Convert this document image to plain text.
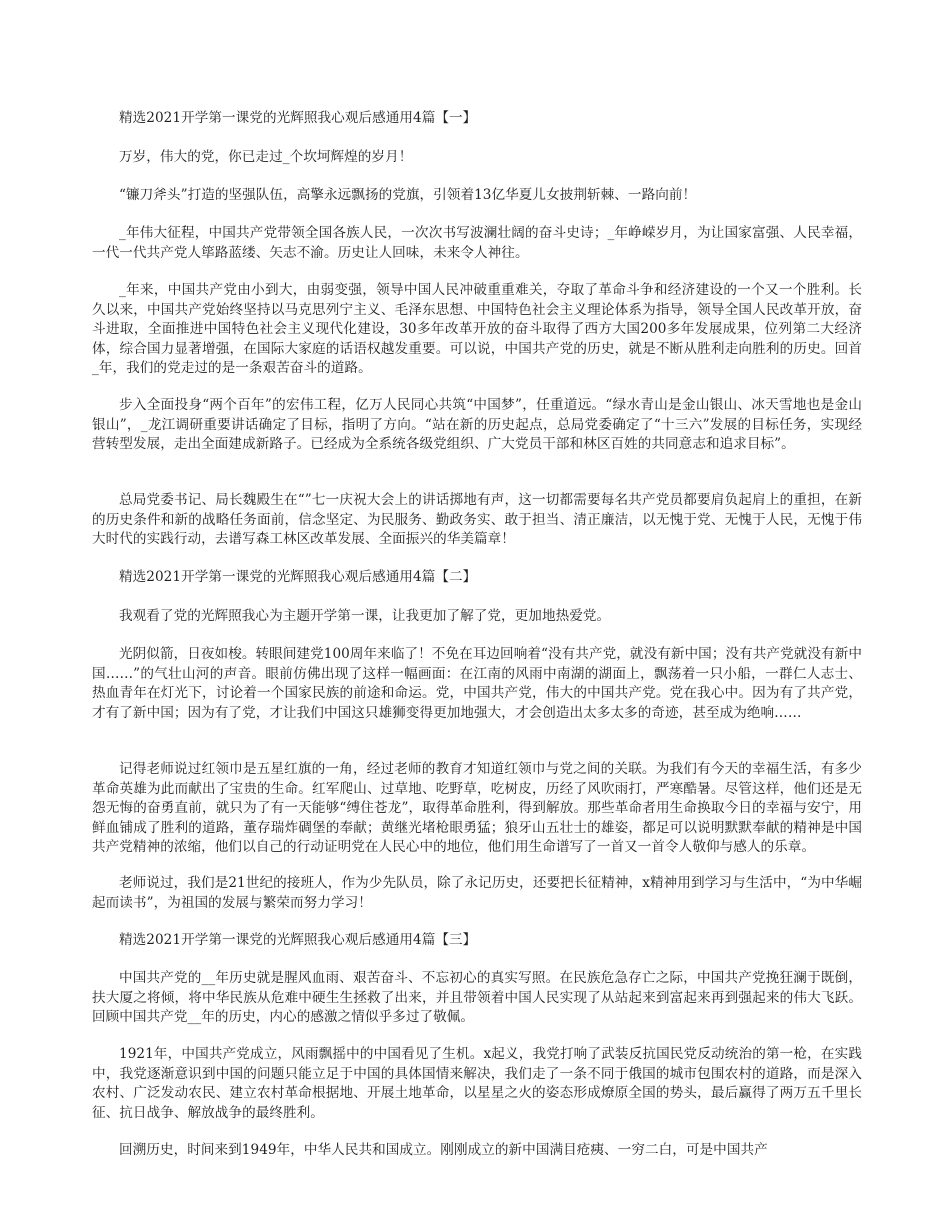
精选2021开学第一课党的光辉照我心观后感通用4篇【一】

万岁，伟大的党，你已走过_个坎坷辉煌的岁月！

“镰刀斧头”打造的坚强队伍，高擎永远飘扬的党旗，引领着13亿华夏儿女披荆斩棘、一路向前！

_年伟大征程，中国共产党带领全国各族人民，一次次书写波澜壮阔的奋斗史诗；_年峥嵘岁月，为让国家富强、人民幸福，一代一代共产党人筚路蓝缕、矢志不渝。历史让人回味，未来令人神往。

_年来，中国共产党由小到大，由弱变强，领导中国人民冲破重重难关，夺取了革命斗争和经济建设的一个又一个胜利。长久以来，中国共产党始终坚持以马克思列宁主义、毛泽东思想、中国特色社会主义理论体系为指导，领导全国人民改革开放，奋斗进取，全面推进中国特色社会主义现代化建设，30多年改革开放的奋斗取得了西方大国200多年发展成果，位列第二大经济体，综合国力显著增强，在国际大家庭的话语权越发重要。可以说，中国共产党的历史，就是不断从胜利走向胜利的历史。回首_年，我们的党走过的是一条艰苦奋斗的道路。

步入全面投身“两个百年”的宏伟工程，亿万人民同心共筑“中国梦”，任重道远。“绿水青山是金山银山、冰天雪地也是金山银山”，_龙江调研重要讲话确定了目标，指明了方向。“站在新的历史起点，总局党委确定了“十三六”发展的目标任务，实现经营转型发展，走出全面建成新路子。已经成为全系统各级党组织、广大党员干部和林区百姓的共同意志和追求目标”。

总局党委书记、局长魏殿生在“”七一庆祝大会上的讲话掷地有声，这一切都需要每名共产党员都要肩负起肩上的重担，在新的历史条件和新的战略任务面前，信念坚定、为民服务、勤政务实、敢于担当、清正廉洁，以无愧于党、无愧于人民，无愧于伟大时代的实践行动，去谱写森工林区改革发展、全面振兴的华美篇章！

精选2021开学第一课党的光辉照我心观后感通用4篇【二】

我观看了党的光辉照我心为主题开学第一课，让我更加了解了党，更加地热爱党。

光阴似箭，日夜如梭。转眼间建党100周年来临了！不免在耳边回响着“没有共产党，就没有新中国；没有共产党就没有新中国……”的气壮山河的声音。眼前仿佛出现了这样一幅画面：在江南的风雨中南湖的湖面上，飘荡着一只小船，一群仁人志士、热血青年在灯光下，讨论着一个国家民族的前途和命运。党，中国共产党，伟大的中国共产党。党在我心中。因为有了共产党，才有了新中国；因为有了党，才让我们中国这只雄狮变得更加地强大，才会创造出太多太多的奇迹，甚至成为绝响……

记得老师说过红领巾是五星红旗的一角，经过老师的教育才知道红领巾与党之间的关联。为我们有今天的幸福生活，有多少革命英雄为此而献出了宝贵的生命。红军爬山、过草地、吃野草，吃树皮，历经了风吹雨打，严寒酷暑。尽管这样，他们还是无怨无悔的奋勇直前，就只为了有一天能够“缚住苍龙”，取得革命胜利，得到解放。那些革命者用生命换取今日的幸福与安宁，用鲜血铺成了胜利的道路，董存瑞炸碉堡的奉献；黄继光堵枪眼勇猛；狼牙山五壮士的雄姿，都足可以说明默默奉献的精神是中国共产党精神的浓缩，他们以自己的行动证明党在人民心中的地位，他们用生命谱写了一首又一首令人敬仰与感人的乐章。

老师说过，我们是21世纪的接班人，作为少先队员，除了永记历史，还要把长征精神，x精神用到学习与生活中，“为中华崛起而读书”，为祖国的发展与繁荣而努力学习！

精选2021开学第一课党的光辉照我心观后感通用4篇【三】

中国共产党的__年历史就是腥风血雨、艰苦奋斗、不忘初心的真实写照。在民族危急存亡之际，中国共产党挽狂澜于既倒，扶大厦之将倾，将中华民族从危难中硬生生拯救了出来，并且带领着中国人民实现了从站起来到富起来再到强起来的伟大飞跃。回顾中国共产党__年的历史，内心的感激之情似乎多过了敬佩。

1921年，中国共产党成立，风雨飘摇中的中国看见了生机。x起义，我党打响了武装反抗国民党反动统治的第一枪，在实践中，我党逐渐意识到中国的问题只能立足于中国的具体国情来解决，我们走了一条不同于俄国的城市包围农村的道路，而是深入农村、广泛发动农民、建立农村革命根据地、开展土地革命，以星星之火的姿态形成燎原全国的势头，最后赢得了两万五千里长征、抗日战争、解放战争的最终胜利。

回溯历史，时间来到1949年，中华人民共和国成立。刚刚成立的新中国满目疮痍、一穷二白，可是中国共产
